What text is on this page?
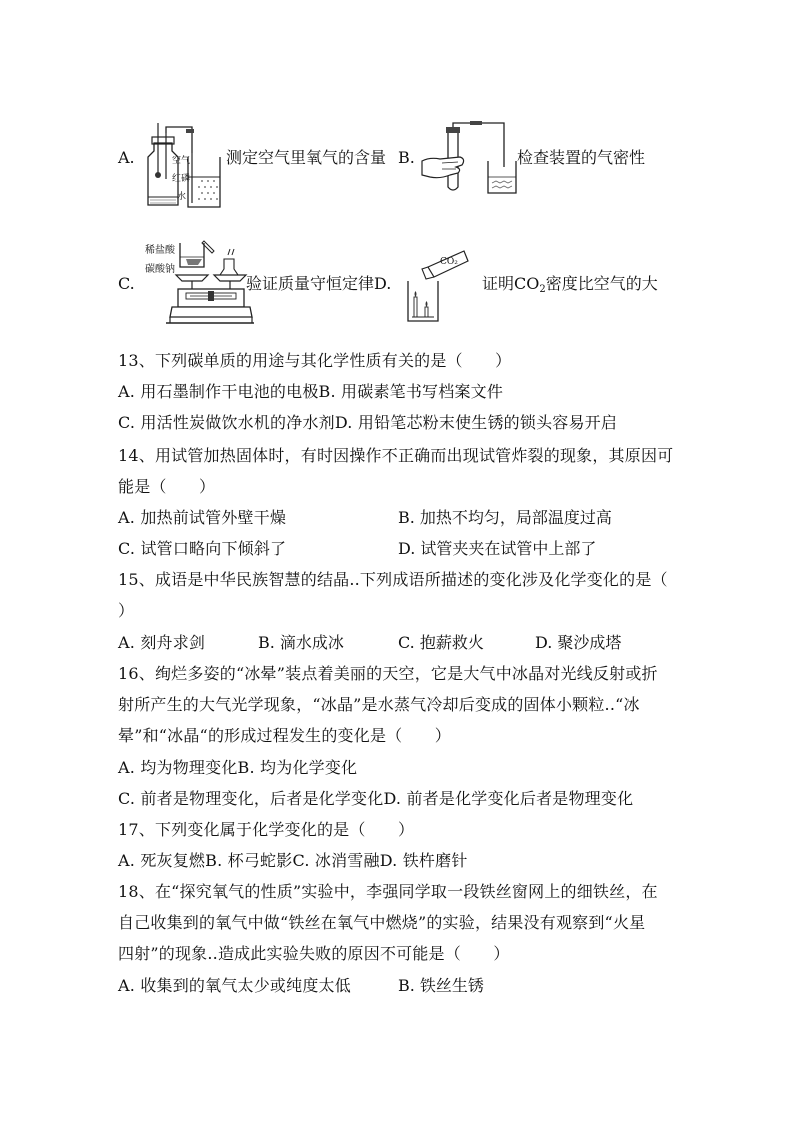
A.	空气
红磷
水
测定空气里氧气的含量 B.	检查装置的气密性
C.
稀盐酸
碳酸钠
验证质量守恒定律D.
CO₂
证明$CO_2$密度比空气的大
13、下列碳单质的用途与其化学性质有关的是（　　）
A. 用石墨制作干电池的电极B. 用碳素笔书写档案文件
C. 用活性炭做饮水机的净水剂D. 用铅笔芯粉末使生锈的锁头容易开启
14、用试管加热固体时，有时因操作不正确而出现试管炸裂的现象，其原因可
能是（　　）
A. 加热前试管外壁干燥	B. 加热不均匀，局部温度过高
C. 试管口略向下倾斜了	D. 试管夹夹在试管中上部了
15、成语是中华民族智慧的结晶..下列成语所描述的变化涉及化学变化的是（
）
A. 刻舟求剑	B. 滴水成冰	C. 抱薪救火	D. 聚沙成塔
16、绚烂多姿的“冰晕”装点着美丽的天空，它是大气中冰晶对光线反射或折
射所产生的大气光学现象，“冰晶”是水蒸气冷却后变成的固体小颗粒..“冰
晕”和“冰晶“的形成过程发生的变化是（　　）
A. 均为物理变化B. 均为化学变化
C. 前者是物理变化，后者是化学变化D. 前者是化学变化后者是物理变化
17、下列变化属于化学变化的是（　　）
A. 死灰复燃B. 杯弓蛇影C. 冰消雪融D. 铁杵磨针
18、在“探究氧气的性质”实验中，李强同学取一段铁丝窗网上的细铁丝，在
自己收集到的氧气中做“铁丝在氧气中燃烧”的实验，结果没有观察到“火星
四射”的现象..造成此实验失败的原因不可能是（　　）
A. 收集到的氧气太少或纯度太低	B. 铁丝生锈
